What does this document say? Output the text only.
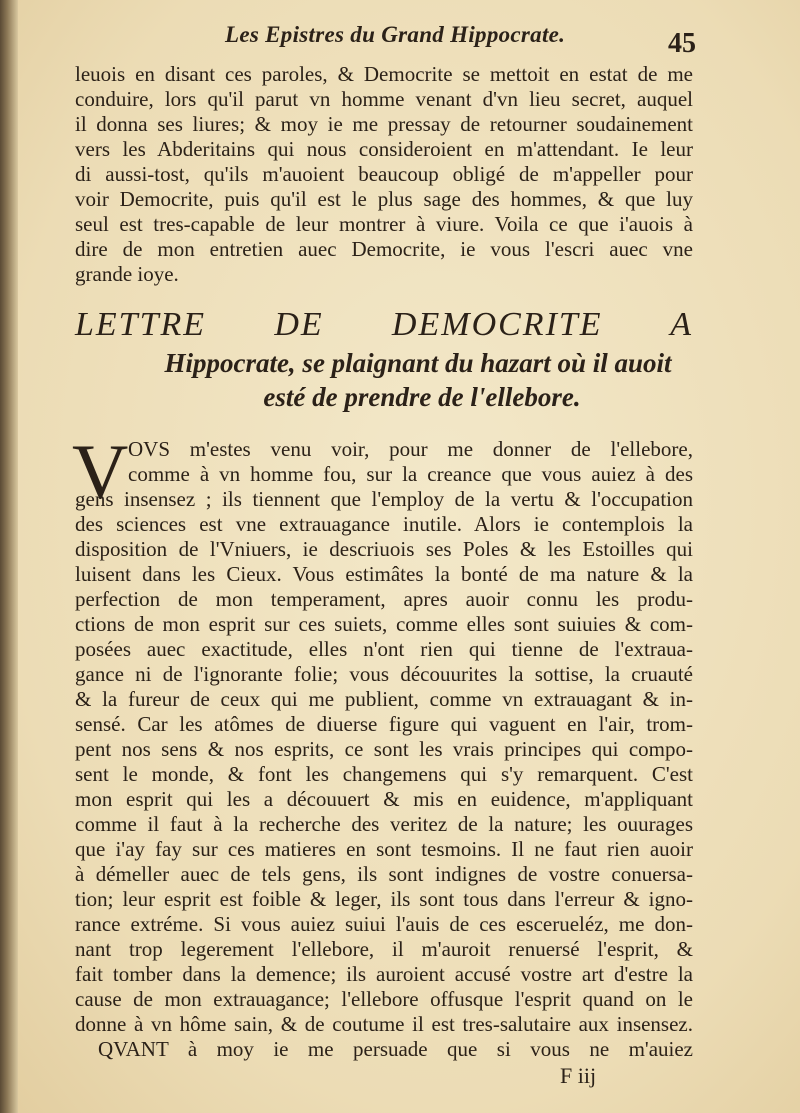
Les Epistres du Grand Hippocrate.	45
leuois en disant ces paroles, & Democrite se mettoit en estat de me
conduire, lors qu'il parut vn homme venant d'vn lieu secret, auquel
il donna ses liures; & moy ie me pressay de retourner soudainement
vers les Abderitains qui nous consideroient en m'attendant. Ie leur
di aussi-tost, qu'ils m'auoient beaucoup obligé de m'appeller pour
voir Democrite, puis qu'il est le plus sage des hommes, & que luy
seul est tres-capable de leur montrer à viure. Voila ce que i'auois à
dire de mon entretien auec Democrite, ie vous l'escri auec vne
grande ioye.
LETTRE DE DEMOCRITE A
Hippocrate, se plaignant du hazart où il auoit
esté de prendre de l'ellebore.
V OVS m'estes venu voir, pour me donner de l'ellebore,
comme à vn homme fou, sur la creance que vous auiez à des
gens insensez ; ils tiennent que l'employ de la vertu & l'occupation
des sciences est vne extrauagance inutile. Alors ie contemplois la
disposition de l'Vniuers, ie descriuois ses Poles & les Estoilles qui
luisent dans les Cieux. Vous estimâtes la bonté de ma nature & la
perfection de mon temperament, apres auoir connu les produ-
ctions de mon esprit sur ces suiets, comme elles sont suiuies & com-
posées auec exactitude, elles n'ont rien qui tienne de l'extraua-
gance ni de l'ignorante folie; vous découurites la sottise, la cruauté
& la fureur de ceux qui me publient, comme vn extrauagant & in-
sensé. Car les atômes de diuerse figure qui vaguent en l'air, trom-
pent nos sens & nos esprits, ce sont les vrais principes qui compo-
sent le monde, & font les changemens qui s'y remarquent. C'est
mon esprit qui les a découuert & mis en euidence, m'appliquant
comme il faut à la recherche des veritez de la nature; les ouurages
que i'ay fay sur ces matieres en sont tesmoins. Il ne faut rien auoir
à démeller auec de tels gens, ils sont indignes de vostre conuersa-
tion; leur esprit est foible & leger, ils sont tous dans l'erreur & igno-
rance extréme. Si vous auiez suiui l'auis de ces escerueléz, me don-
nant trop legerement l'ellebore, il m'auroit renuersé l'esprit, &
fait tomber dans la demence; ils auroient accusé vostre art d'estre la
cause de mon extrauagance; l'ellebore offusque l'esprit quand on le
donne à vn hôme sain, & de coutume il est tres-salutaire aux insensez.
QVANT à moy ie me persuade que si vous ne m'auiez
F iij
